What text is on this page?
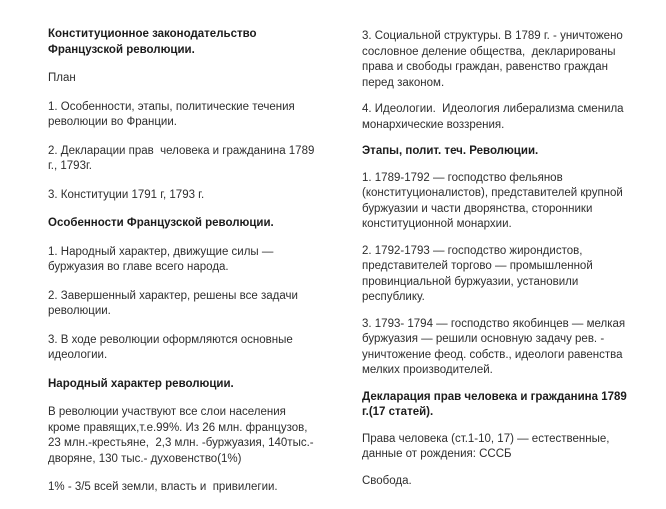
Конституционное законодательство
Французской революции.

План

1. Особенности, этапы, политические течения
революции во Франции.

2. Декларации прав  человека и гражданина 1789
г., 1793г.

3. Конституции 1791 г, 1793 г.

Особенности Французской революции.

1. Народный характер, движущие силы —
буржуазия во главе всего народа.

2. Завершенный характер, решены все задачи
революции.

3. В ходе революции оформляются основные
идеологии.

Народный характер революции.

В революции участвуют все слои населения
кроме правящих,т.е.99%. Из 26 млн. французов,
23 млн.-крестьяне,  2,3 млн. -буржуазия, 140тыс.-
дворяне, 130 тыс.- духовенство(1%)

1% - 3/5 всей земли, власть и  привилегии.

3. Социальной структуры. В 1789 г. - уничтожено
сословное деление общества,  декларированы
права и свободы граждан, равенство граждан
перед законом.

4. Идеологии.  Идеология либерализма сменила
монархические воззрения.

Этапы, полит. теч. Революции.

1. 1789-1792 — господство фельянов
(конституционалистов), представителей крупной
буржуазии и части дворянства, сторонники
конституционной монархии.

2. 1792-1793 — господство жирондистов,
представителей торгово — промышленной
провинциальной буржуазии, установили
республику.

3. 1793- 1794 — господство якобинцев — мелкая
буржуазия — решили основную задачу рев. -
уничтожение феод. собств., идеологи равенства
мелких производителей.

Декларация прав человека и гражданина 1789
г.(17 статей).

Права человека (ст.1-10, 17) — естественные,
данные от рождения: СССБ

Свобода.
